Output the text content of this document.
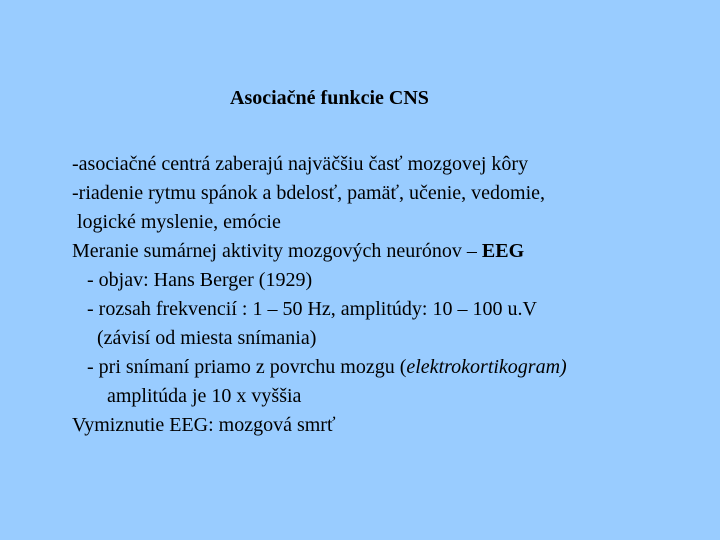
Asociačné funkcie CNS
-asociačné centrá zaberajú najväčšiu časť mozgovej kôry
-riadenie rytmu spánok a bdelosť, pamäť, učenie, vedomie,
logické myslenie, emócie
Meranie sumárnej aktivity mozgových neurónov – EEG
- objav: Hans Berger (1929)
- rozsah frekvencií : 1 – 50 Hz, amplitúdy: 10 – 100 u.V
(závisí od miesta snímania)
- pri snímaní priamo z povrchu mozgu (elektrokortikogram)
amplitúda je 10 x vyššia
Vymiznutie EEG: mozgová smrť
